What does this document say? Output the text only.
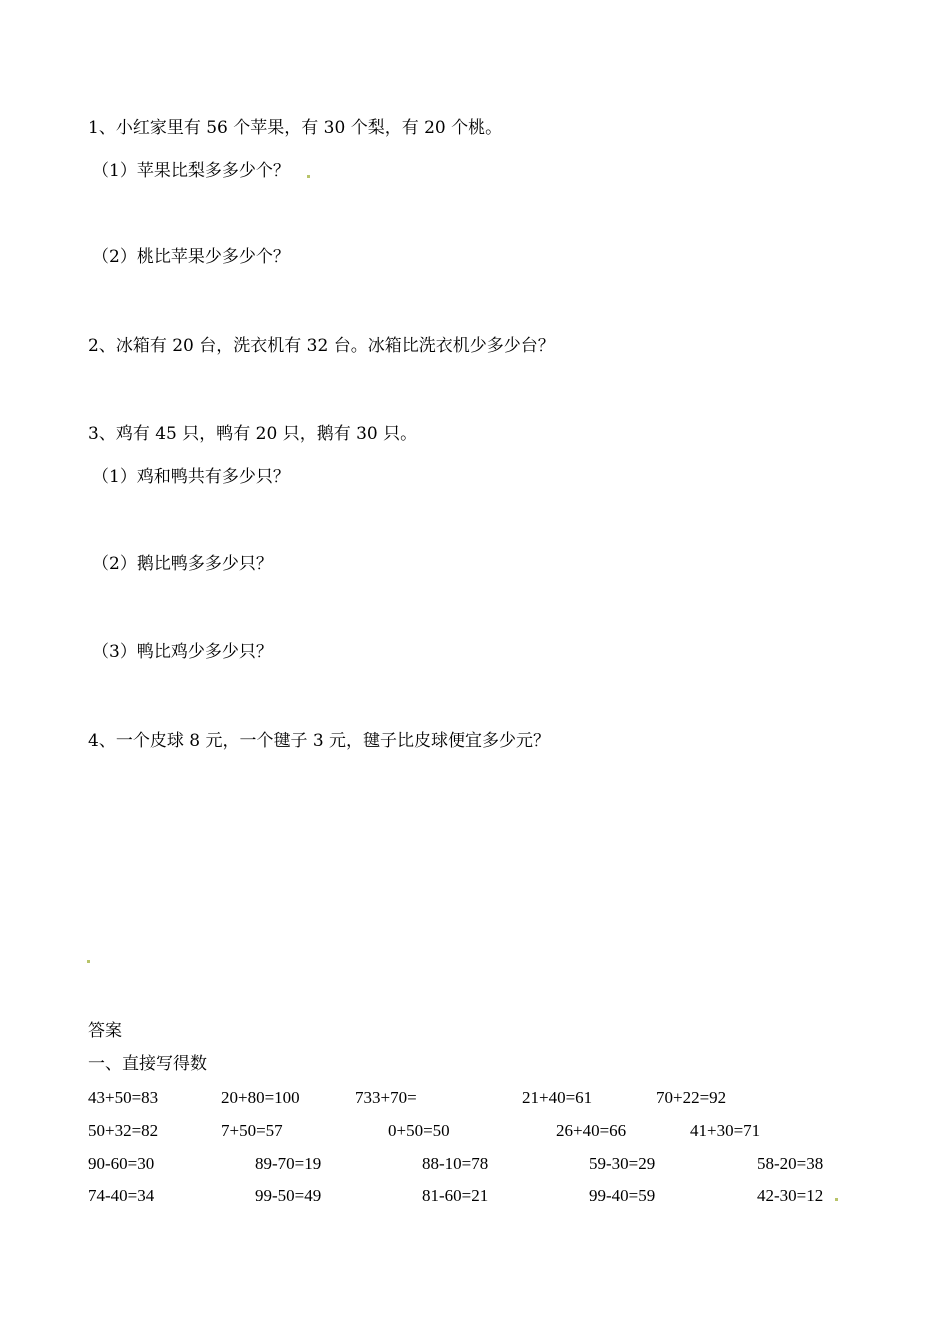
1、小红家里有 56 个苹果，有 30 个梨，有 20 个桃。
（1）苹果比梨多多少个？
（2）桃比苹果少多少个？
2、冰箱有 20 台，洗衣机有 32 台。冰箱比洗衣机少多少台？
3、鸡有 45 只，鸭有 20 只，鹅有 30 只。
（1）鸡和鸭共有多少只？
（2）鹅比鸭多多少只？
（3）鸭比鸡少多少只？
4、一个皮球 8 元，一个毽子 3 元，毽子比皮球便宜多少元？
答案
一、直接写得数
43+50=83	20+80=100	733+70=	21+40=61	70+22=92
50+32=82	7+50=57	0+50=50	26+40=66	41+30=71
90-60=30	89-70=19	88-10=78	59-30=29	58-20=38
74-40=34	99-50=49	81-60=21	99-40=59	42-30=12
